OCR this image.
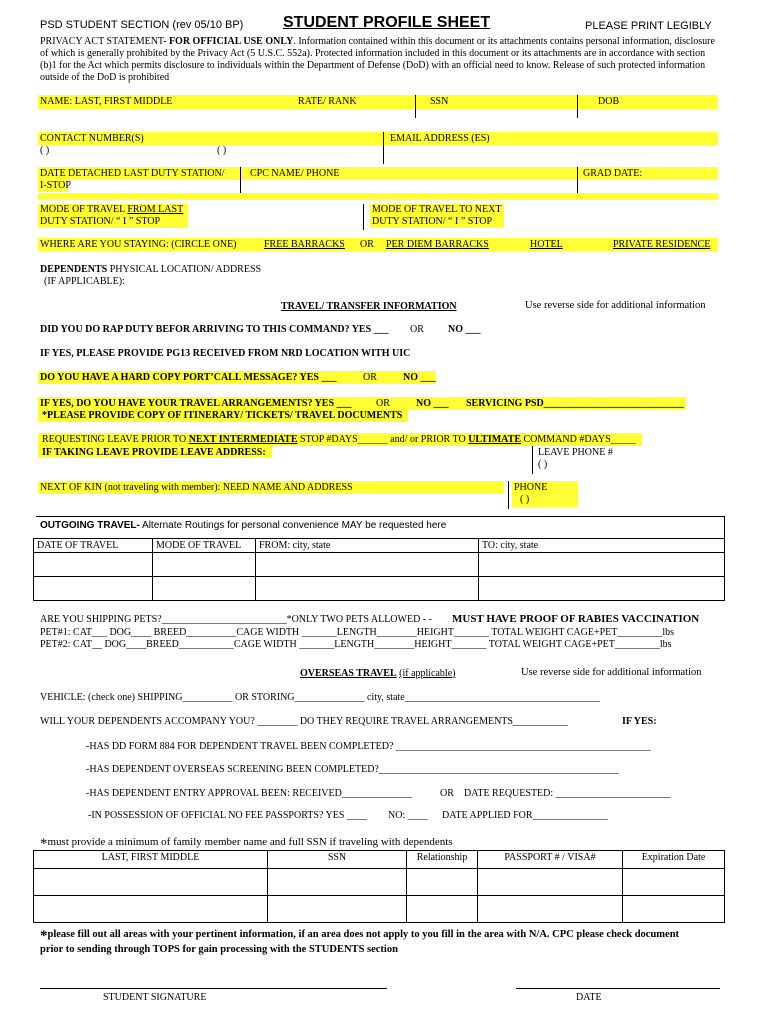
PSD STUDENT SECTION (rev 05/10 BP) STUDENT PROFILE SHEET	PLEASE PRINT LEGIBLY
PRIVACY ACT STATEMENT- FOR OFFICIAL USE ONLY. Information contained within this document or its attachments contains personal information, disclosure of which is generally prohibited by the Privacy Act (5 U.S.C. 552a). Protected information included in this document or its attachments are in accordance with section (b)1 for the Act which permits disclosure to individuals within the Department of Defense (DoD) with an official need to know. Release of such protected information outside of the DoD is prohibited
NAME: LAST, FIRST MIDDLE	RATE/ RANK	SSN	DOB
CONTACT NUMBER(S)
( )	( )
EMAIL ADDRESS (ES)
DATE DETACHED LAST DUTY STATION/
I-STOP
CPC NAME/ PHONE	GRAD DATE:
MODE OF TRAVEL FROM LAST
DUTY STATION/ “ I ” STOP
MODE OF TRAVEL TO NEXT
DUTY STATION/ “ I ” STOP
WHERE ARE YOU STAYING: (CIRCLE ONE)	FREE BARRACKS OR PER DIEM BARRACKS	HOTEL	PRIVATE RESIDENCE
DEPENDENTS PHYSICAL LOCATION/ ADDRESS
(IF APPLICABLE):
TRAVEL/ TRANSFER INFORMATION	Use reverse side for additional information
DID YOU DO RAP DUTY BEFOR ARRIVING TO THIS COMMAND? YES ___ OR NO ___
IF YES, PLEASE PROVIDE PG13 RECEIVED FROM NRD LOCATION WITH UIC
DO YOU HAVE A HARD COPY PORT’CALL MESSAGE? YES ___	OR	NO ___
IF YES, DO YOU HAVE YOUR TRAVEL ARRANGEMENTS? YES ___ OR	NO ___ SERVICING PSD____________________________
*PLEASE PROVIDE COPY OF ITINERARY/ TICKETS/ TRAVEL DOCUMENTS
REQUESTING LEAVE PRIOR TO NEXT INTERMEDIATE STOP #DAYS______ and/ or PRIOR TO ULTIMATE COMMAND #DAYS_____
IF TAKING LEAVE PROVIDE LEAVE ADDRESS:	LEAVE PHONE #
( )
NEXT OF KIN (not traveling with member): NEED NAME AND ADDRESS	PHONE
( )
OUTGOING TRAVEL- Alternate Routings for personal convenience MAY be requested here
DATE OF TRAVEL	MODE OF TRAVEL	FROM: city, state	TO: city, state

ARE YOU SHIPPING PETS?_________________________*ONLY TWO PETS ALLOWED - - MUST HAVE PROOF OF RABIES VACCINATION
PET#1: CAT___ DOG____ BREED__________CAGE WIDTH _______LENGTH________HEIGHT_______ TOTAL WEIGHT CAGE+PET_________lbs
PET#2: CAT__ DOG____BREED___________CAGE WIDTH _______LENGTH________HEIGHT_______ TOTAL WEIGHT CAGE+PET_________lbs
OVERSEAS TRAVEL (if applicable)	Use reverse side for additional information
VEHICLE: (check one) SHIPPING__________ OR STORING______________ city, state_______________________________________
WILL YOUR DEPENDENTS ACCOMPANY YOU? ________ DO THEY REQUIRE TRAVEL ARRANGEMENTS___________	IF YES:
-HAS DD FORM 884 FOR DEPENDENT TRAVEL BEEN COMPLETED? ___________________________________________________
-HAS DEPENDENT OVERSEAS SCREENING BEEN COMPLETED?________________________________________________
-HAS DEPENDENT ENTRY APPROVAL BEEN: RECEIVED______________	OR DATE REQUESTED: _______________________
-IN POSSESSION OF OFFICIAL NO FEE PASSPORTS? YES ____ NO: ____ DATE APPLIED FOR_______________
*must provide a minimum of family member name and full SSN if traveling with dependents
LAST, FIRST MIDDLE	SSN	Relationship	PASSPORT # / VISA#	Expiration Date

*please fill out all areas with your pertinent information, if an area does not apply to you fill in the area with N/A. CPC please check document prior to sending through TOPS for gain processing with the STUDENTS section
STUDENT SIGNATURE	DATE
